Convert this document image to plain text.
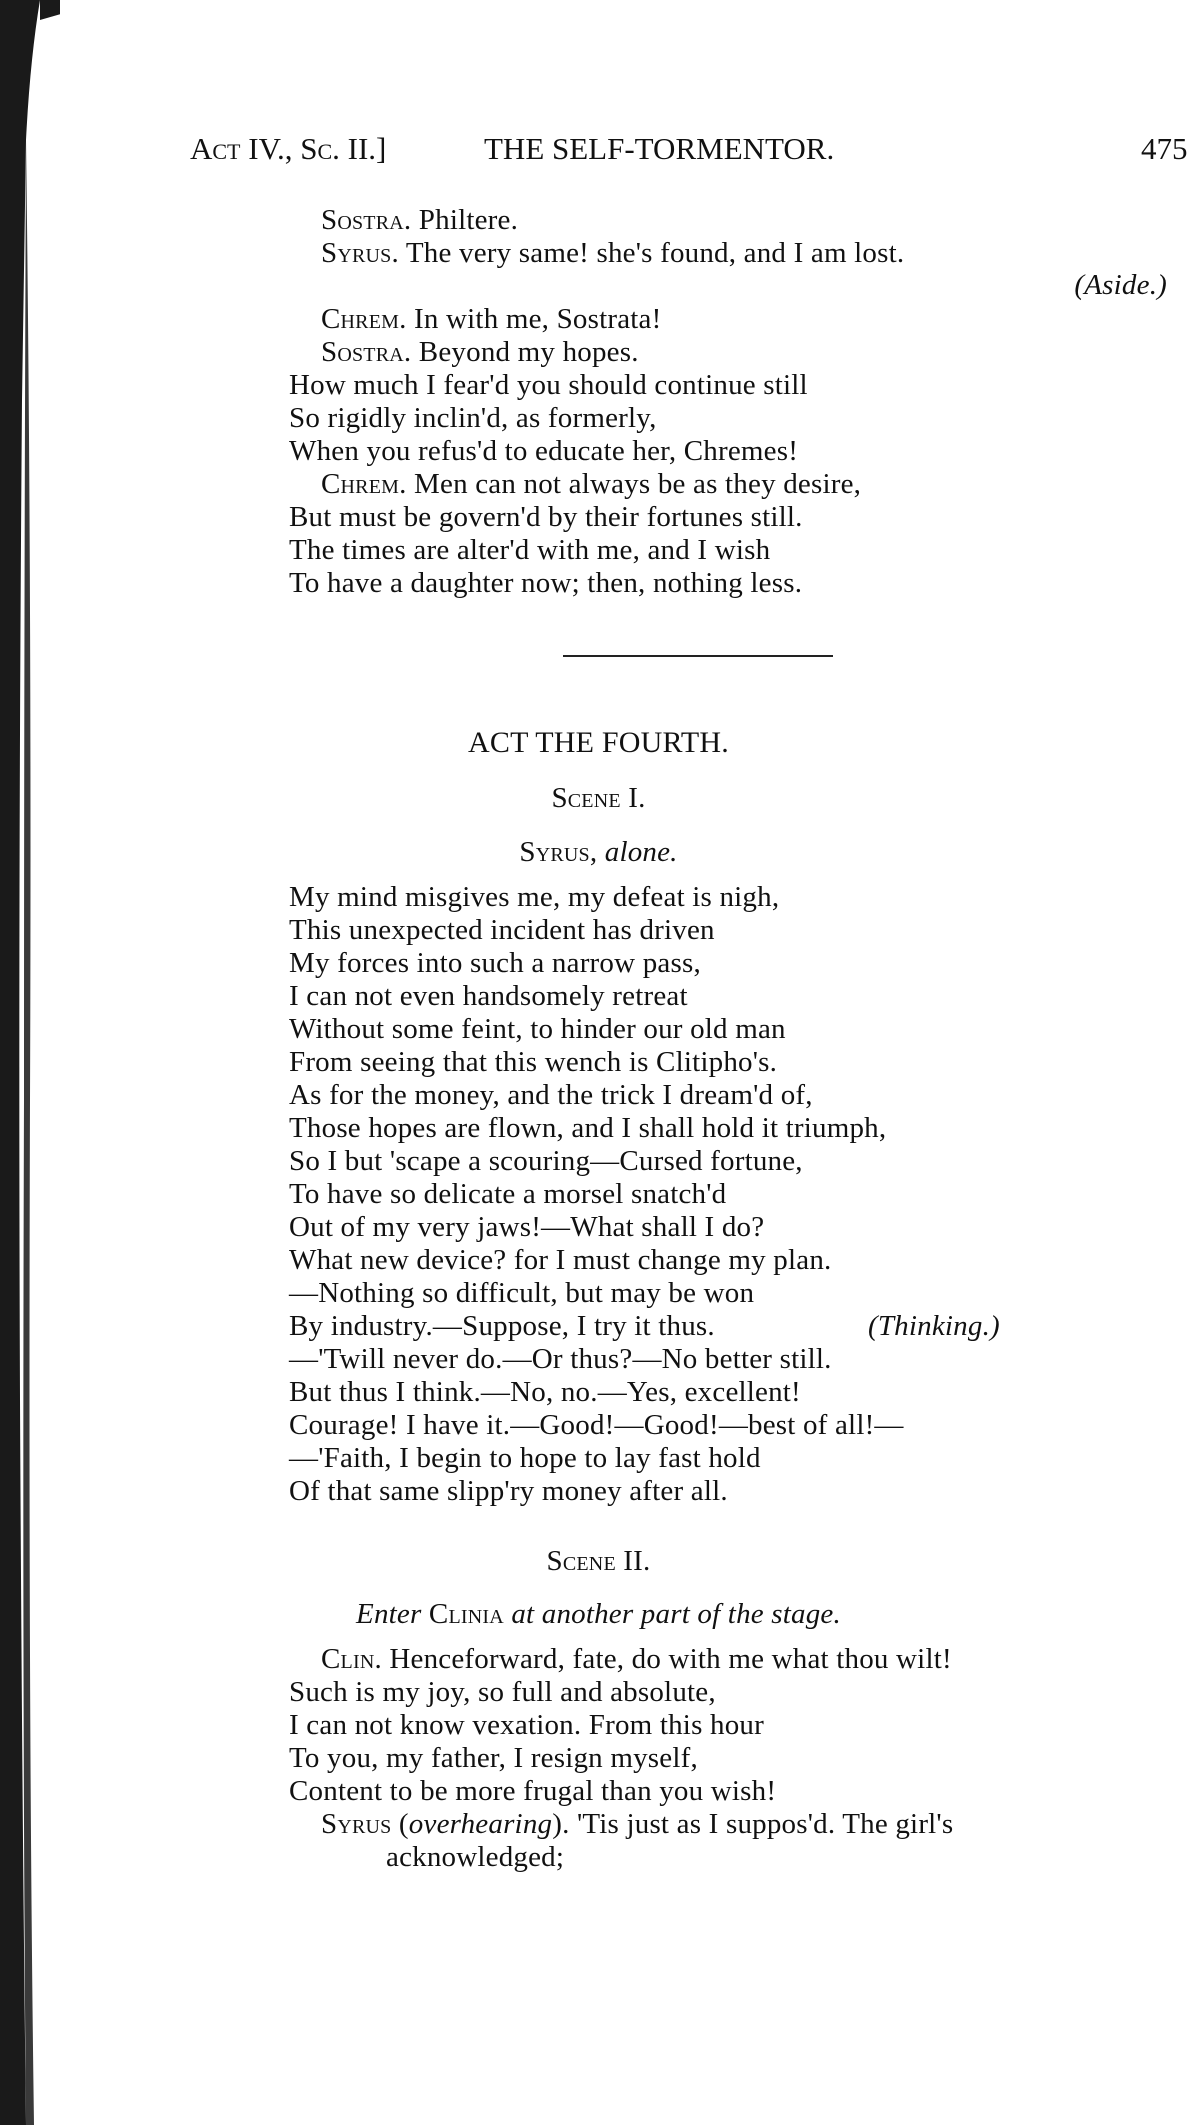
Act IV., Sc. II.]	THE SELF-TORMENTOR.	475

Sostra. Philtere.

Syrus. The very same! she's found, and I am lost.

(Aside.)

Chrem. In with me, Sostrata!

Sostra. Beyond my hopes.

How much I fear'd you should continue still

So rigidly inclin'd, as formerly,

When you refus'd to educate her, Chremes!

Chrem. Men can not always be as they desire,

But must be govern'd by their fortunes still.

The times are alter'd with me, and I wish

To have a daughter now; then, nothing less.

ACT THE FOURTH.

Scene I.

Syrus, alone.

My mind misgives me, my defeat is nigh,

This unexpected incident has driven

My forces into such a narrow pass,

I can not even handsomely retreat

Without some feint, to hinder our old man

From seeing that this wench is Clitipho's.

As for the money, and the trick I dream'd of,

Those hopes are flown, and I shall hold it triumph,

So I but 'scape a scouring—Cursed fortune,

To have so delicate a morsel snatch'd

Out of my very jaws!—What shall I do?

What new device? for I must change my plan.

—Nothing so difficult, but may be won

By industry.—Suppose, I try it thus.	(Thinking.)

—'Twill never do.—Or thus?—No better still.

But thus I think.—No, no.—Yes, excellent!

Courage! I have it.—Good!—Good!—best of all!—

—'Faith, I begin to hope to lay fast hold

Of that same slipp'ry money after all.

Scene II.

Enter Clinia at another part of the stage.

Clin. Henceforward, fate, do with me what thou wilt!

Such is my joy, so full and absolute,

I can not know vexation. From this hour

To you, my father, I resign myself,

Content to be more frugal than you wish!

Syrus (overhearing). 'Tis just as I suppos'd. The girl's

acknowledged;
